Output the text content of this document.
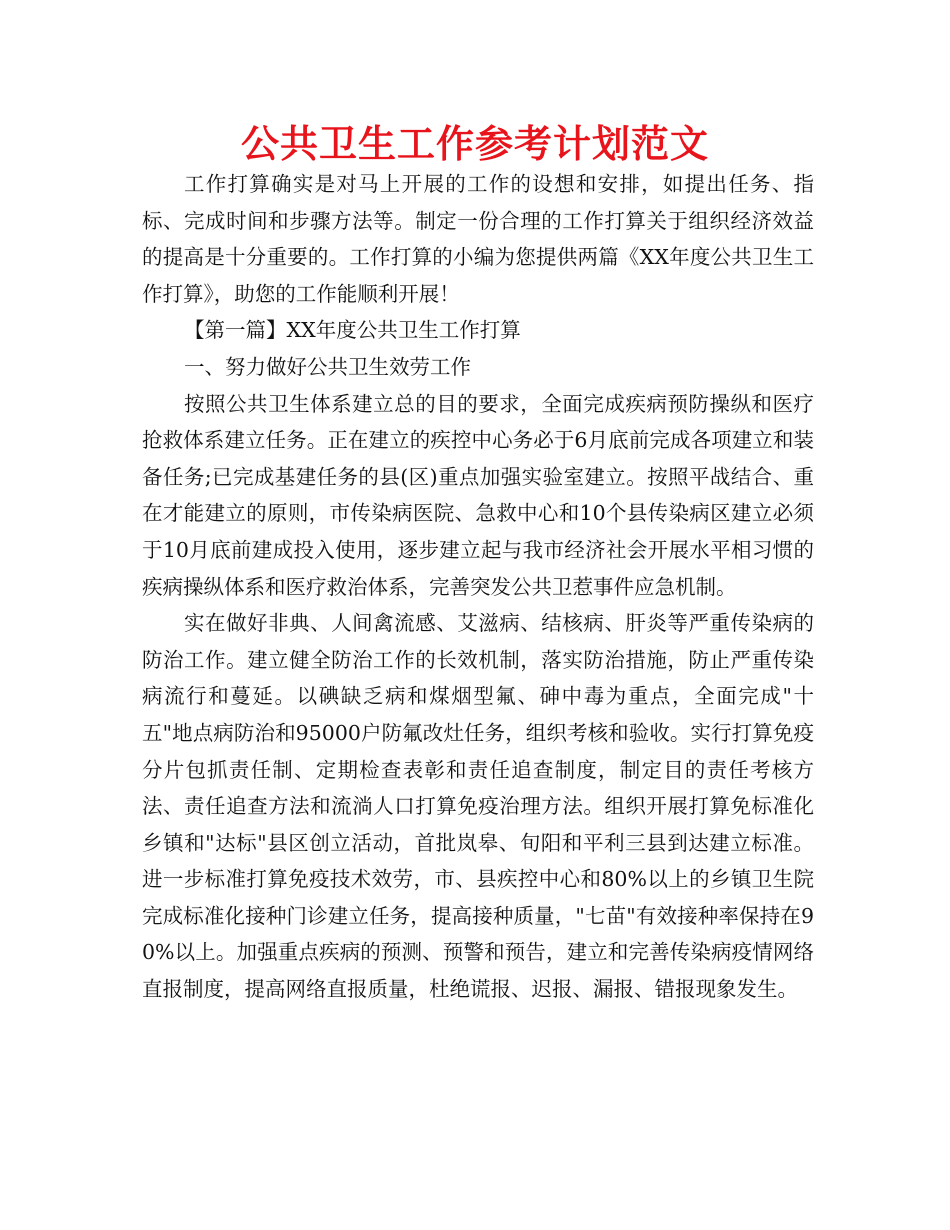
公共卫生工作参考计划范文

工作打算确实是对马上开展的工作的设想和安排，如提出任务、指标、完成时间和步骤方法等。制定一份合理的工作打算关于组织经济效益的提高是十分重要的。工作打算的小编为您提供两篇《XX年度公共卫生工作打算》，助您的工作能顺利开展！

【第一篇】XX年度公共卫生工作打算

一、努力做好公共卫生效劳工作

按照公共卫生体系建立总的目的要求，全面完成疾病预防操纵和医疗抢救体系建立任务。正在建立的疾控中心务必于6月底前完成各项建立和装备任务;已完成基建任务的县(区)重点加强实验室建立。按照平战结合、重在才能建立的原则，市传染病医院、急救中心和10个县传染病区建立必须于10月底前建成投入使用，逐步建立起与我市经济社会开展水平相习惯的疾病操纵体系和医疗救治体系，完善突发公共卫惹事件应急机制。

实在做好非典、人间禽流感、艾滋病、结核病、肝炎等严重传染病的防治工作。建立健全防治工作的长效机制，落实防治措施，防止严重传染病流行和蔓延。以碘缺乏病和煤烟型氟、砷中毒为重点，全面完成"十五"地点病防治和95000户防氟改灶任务，组织考核和验收。实行打算免疫分片包抓责任制、定期检查表彰和责任追查制度，制定目的责任考核方法、责任追查方法和流淌人口打算免疫治理方法。组织开展打算免标准化乡镇和"达标"县区创立活动，首批岚皋、旬阳和平利三县到达建立标准。进一步标准打算免疫技术效劳，市、县疾控中心和80%以上的乡镇卫生院完成标准化接种门诊建立任务，提高接种质量，"七苗"有效接种率保持在90%以上。加强重点疾病的预测、预警和预告，建立和完善传染病疫情网络直报制度，提高网络直报质量，杜绝谎报、迟报、漏报、错报现象发生。
